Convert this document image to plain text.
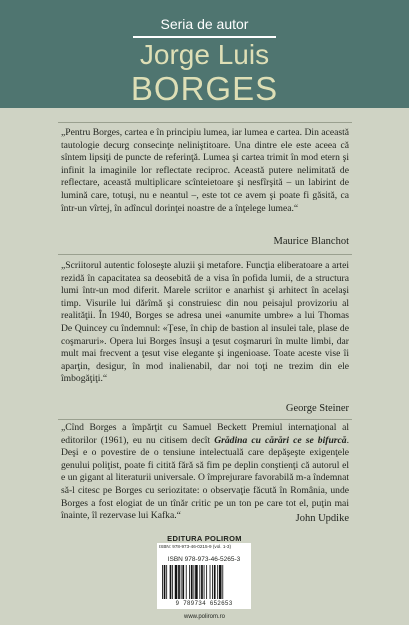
Seria de autor
Jorge Luis
BORGES
„Pentru Borges, cartea e în principiu lumea, iar lumea e cartea. Din această tautologie decurg consecinţe neliniştitoare. Una dintre ele este aceea că sîntem lipsiţi de puncte de referinţă. Lumea şi cartea trimit în mod etern şi infinit la imaginile lor reflectate reciproc. Această putere nelimitată de reflectare, această multiplicare scînteietoare şi nesfîrşită – un labirint de lumină care, totuşi, nu e neantul –, este tot ce avem şi poate fi găsită, ca într-un vîrtej, în adîncul dorinţei noastre de a înţelege lumea.“
Maurice Blanchot
„Scriitorul autentic foloseşte aluzii şi metafore. Funcţia eliberatoare a artei rezidă în capacitatea sa deosebită de a visa în pofida lumii, de a structura lumi într-un mod diferit. Marele scriitor e anarhist şi arhitect în acelaşi timp. Visurile lui dărîmă şi construiesc din nou peisajul provizoriu al realităţii. În 1940, Borges se adresa unei «anumite umbre» a lui Thomas De Quincey cu îndemnul: «Ţese, în chip de bastion al insulei tale, plase de coşmaruri». Opera lui Borges însuşi a ţesut coşmaruri în multe limbi, dar mult mai frecvent a ţesut vise elegante şi ingenioase. Toate aceste vise îi aparţin, desigur, în mod inalienabil, dar noi toţi ne trezim din ele îmbogăţiţi.“
George Steiner
„Cînd Borges a împărţit cu Samuel Beckett Premiul internaţional al editorilor (1961), eu nu citisem decît Grădina cu cărări ce se bifurcă. Deşi e o povestire de o tensiune intelectuală care depăşeşte exigenţele genului poliţist, poate fi citită fără să fim pe deplin conştienţi că autorul el e un gigant al literaturii universale. O împrejurare favorabilă m-a îndemnat să-l citesc pe Borges cu seriozitate: o observaţie făcută în România, unde Borges a fost elogiat de un tînăr critic pe un ton pe care tot el, puţin mai înainte, îl rezervase lui Kafka.“	John Updike
EDITURA POLIROM
ISBN: 978-973-46-0215-9 (vol. 1-3)
ISBN 978-973-46-5265-3
9 789734 652653
www.polirom.ro
